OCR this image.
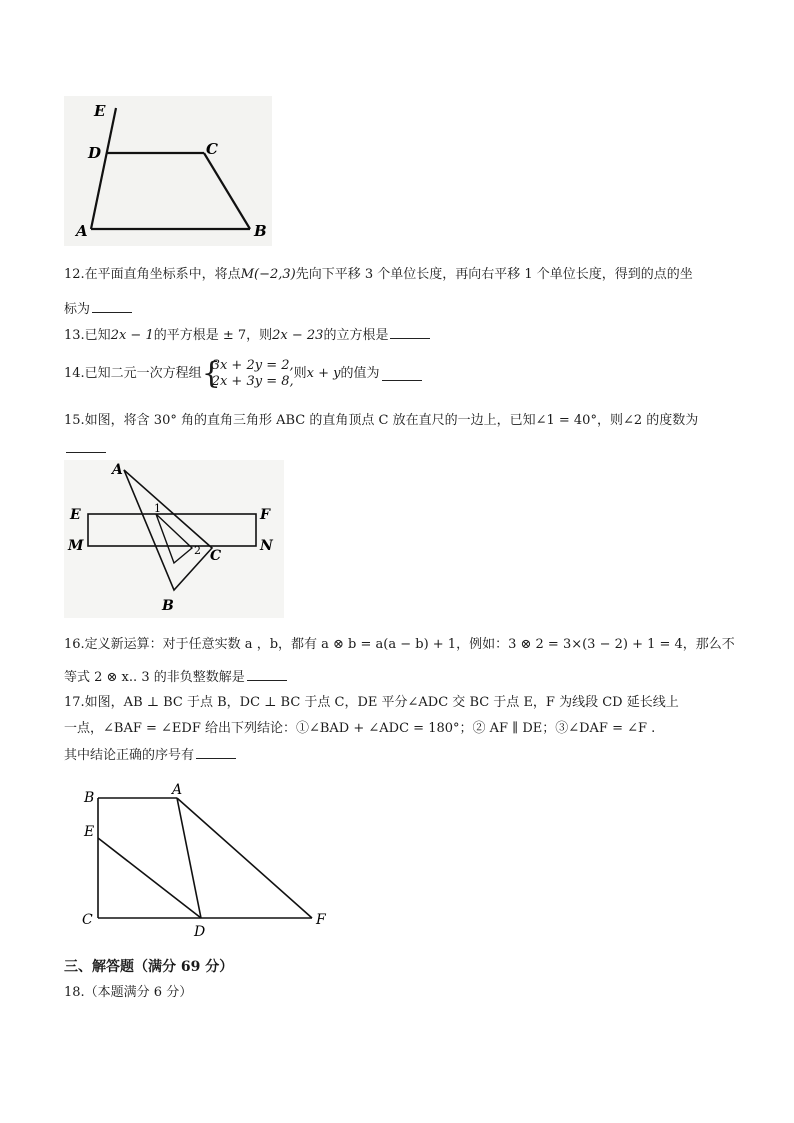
E
D	C
A	B
12.在平面直角坐标系中，将点M(−2,3)先向下平移 3 个单位长度，再向右平移 1 个单位长度，得到的点的坐
标为
13.已知2x − 1的平方根是 ± 7，则2x − 23的立方根是
14.已知二元一次方程组 {
3x + 2y = 2,
2x + 3y = 8,
则x + y的值为
15.如图，将含 30° 角的直角三角形 ABC 的直角顶点 C 放在直尺的一边上，已知∠1 = 40°，则∠2 的度数为
A
E	F
M	N
C
B
1
2
16.定义新运算：对于任意实数 a ，b，都有 a ⊗ b = a(a − b) + 1，例如：3 ⊗ 2 = 3×(3 − 2) + 1 = 4，那么不
等式 2 ⊗ x.. 3 的非负整数解是
17.如图，AB ⊥ BC 于点 B，DC ⊥ BC 于点 C，DE 平分∠ADC 交 BC 于点 E，F 为线段 CD 延长线上
一点，∠BAF = ∠EDF 给出下列结论：①∠BAD + ∠ADC = 180°；② AF ∥ DE；③∠DAF = ∠F .
其中结论正确的序号有
B	A
E
C
D
F
三、解答题（满分 69 分）
18.（本题满分 6 分）
